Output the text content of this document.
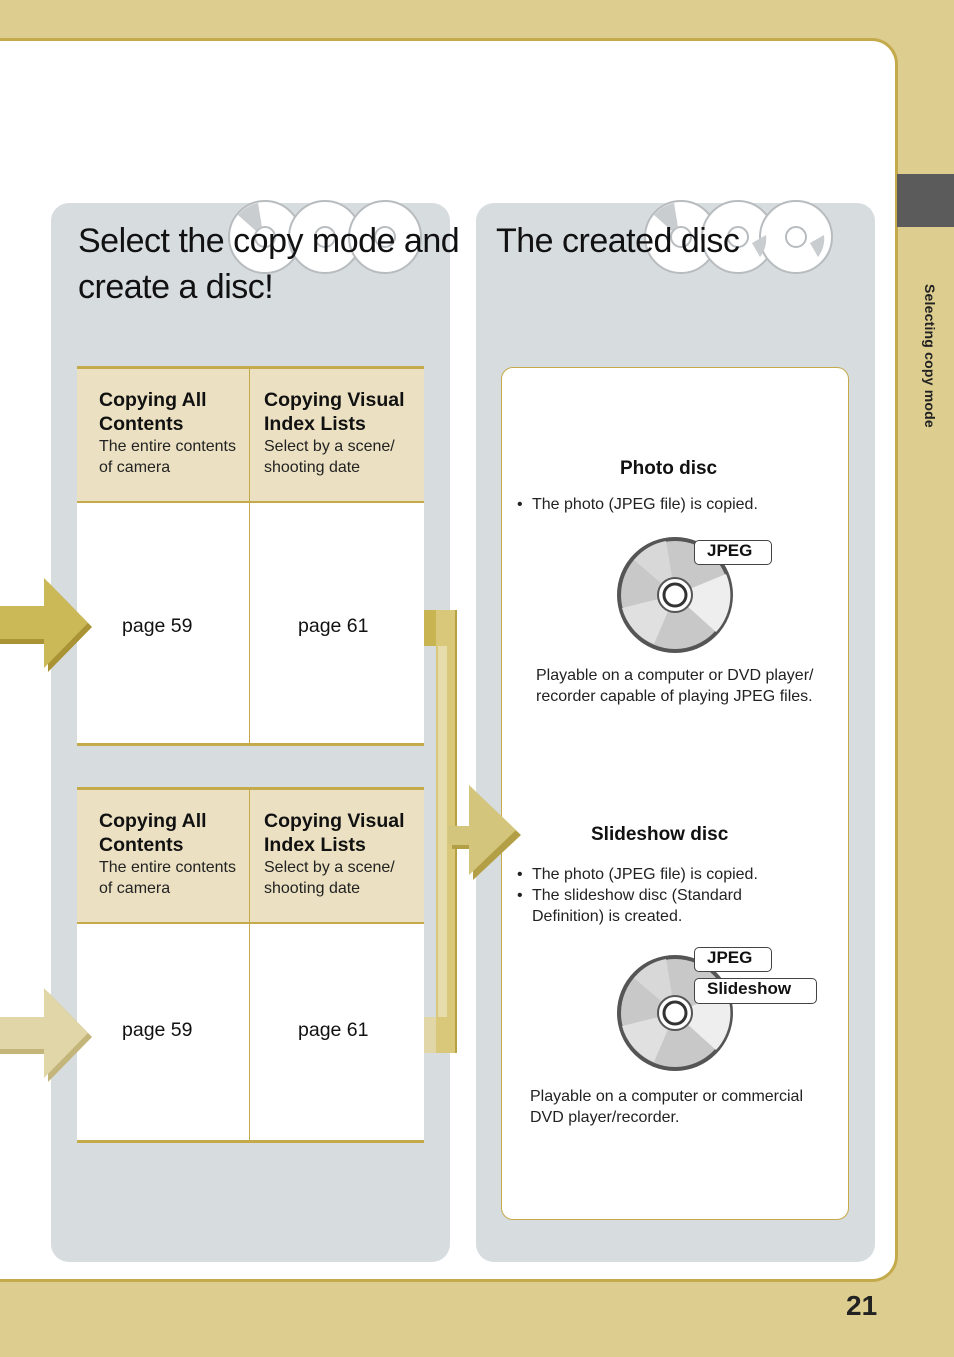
Selecting copy mode
21
Select the copy mode and
create a disc!

Copying All
Contents

The entire contents
of camera

Copying Visual
Index Lists

Select by a scene/
shooting date

page 59	page 61

Copying All
Contents

The entire contents
of camera

Copying Visual
Index Lists

Select by a scene/
shooting date

page 59	page 61

The created disc

Photo disc

• The photo (JPEG file) is copied.
JPEG

Playable on a computer or DVD player/
recorder capable of playing JPEG files.

Slideshow disc

• The photo (JPEG file) is copied.
• The slideshow disc (Standard
Definition) is created.
JPEG
Slideshow

Playable on a computer or commercial
DVD player/recorder.
